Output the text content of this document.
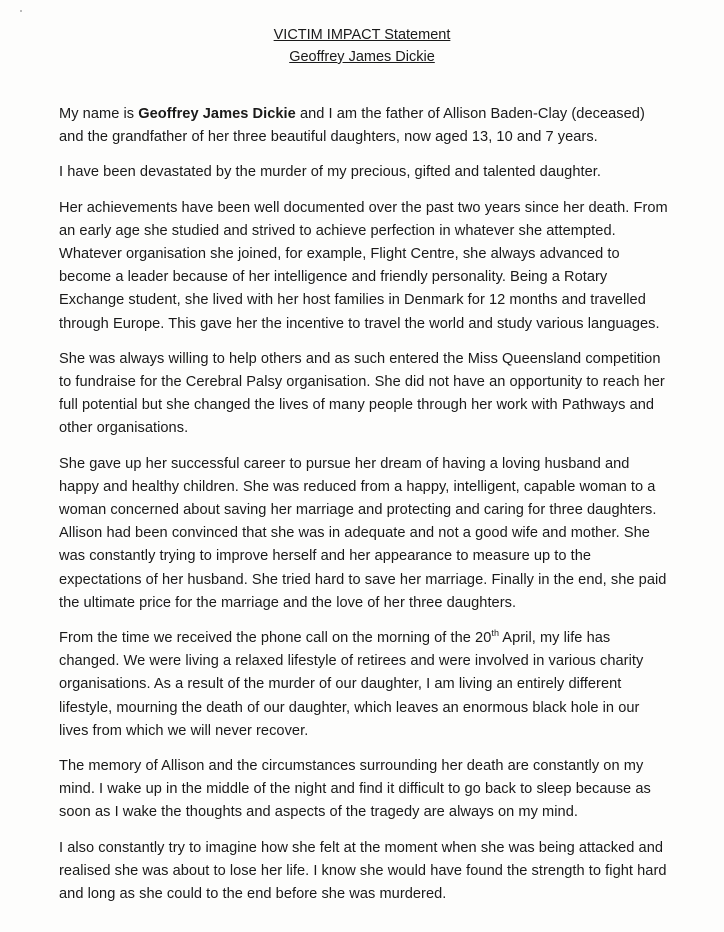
VICTIM IMPACT Statement
Geoffrey James Dickie

My name is Geoffrey James Dickie and I am the father of Allison Baden-Clay (deceased) and the grandfather of her three beautiful daughters, now aged 13, 10 and 7 years.

I have been devastated by the murder of my precious, gifted and talented daughter.

Her achievements have been well documented over the past two years since her death. From an early age she studied and strived to achieve perfection in whatever she attempted. Whatever organisation she joined, for example, Flight Centre, she always advanced to become a leader because of her intelligence and friendly personality. Being a Rotary Exchange student, she lived with her host families in Denmark for 12 months and travelled through Europe. This gave her the incentive to travel the world and study various languages.

She was always willing to help others and as such entered the Miss Queensland competition to fundraise for the Cerebral Palsy organisation. She did not have an opportunity to reach her full potential but she changed the lives of many people through her work with Pathways and other organisations.

She gave up her successful career to pursue her dream of having a loving husband and happy and healthy children. She was reduced from a happy, intelligent, capable woman to a woman concerned about saving her marriage and protecting and caring for three daughters. Allison had been convinced that she was in adequate and not a good wife and mother. She was constantly trying to improve herself and her appearance to measure up to the expectations of her husband. She tried hard to save her marriage. Finally in the end, she paid the ultimate price for the marriage and the love of her three daughters.

From the time we received the phone call on the morning of the 20th April, my life has changed. We were living a relaxed lifestyle of retirees and were involved in various charity organisations. As a result of the murder of our daughter, I am living an entirely different lifestyle, mourning the death of our daughter, which leaves an enormous black hole in our lives from which we will never recover.

The memory of Allison and the circumstances surrounding her death are constantly on my mind. I wake up in the middle of the night and find it difficult to go back to sleep because as soon as I wake the thoughts and aspects of the tragedy are always on my mind.

I also constantly try to imagine how she felt at the moment when she was being attacked and realised she was about to lose her life. I know she would have found the strength to fight hard and long as she could to the end before she was murdered.
